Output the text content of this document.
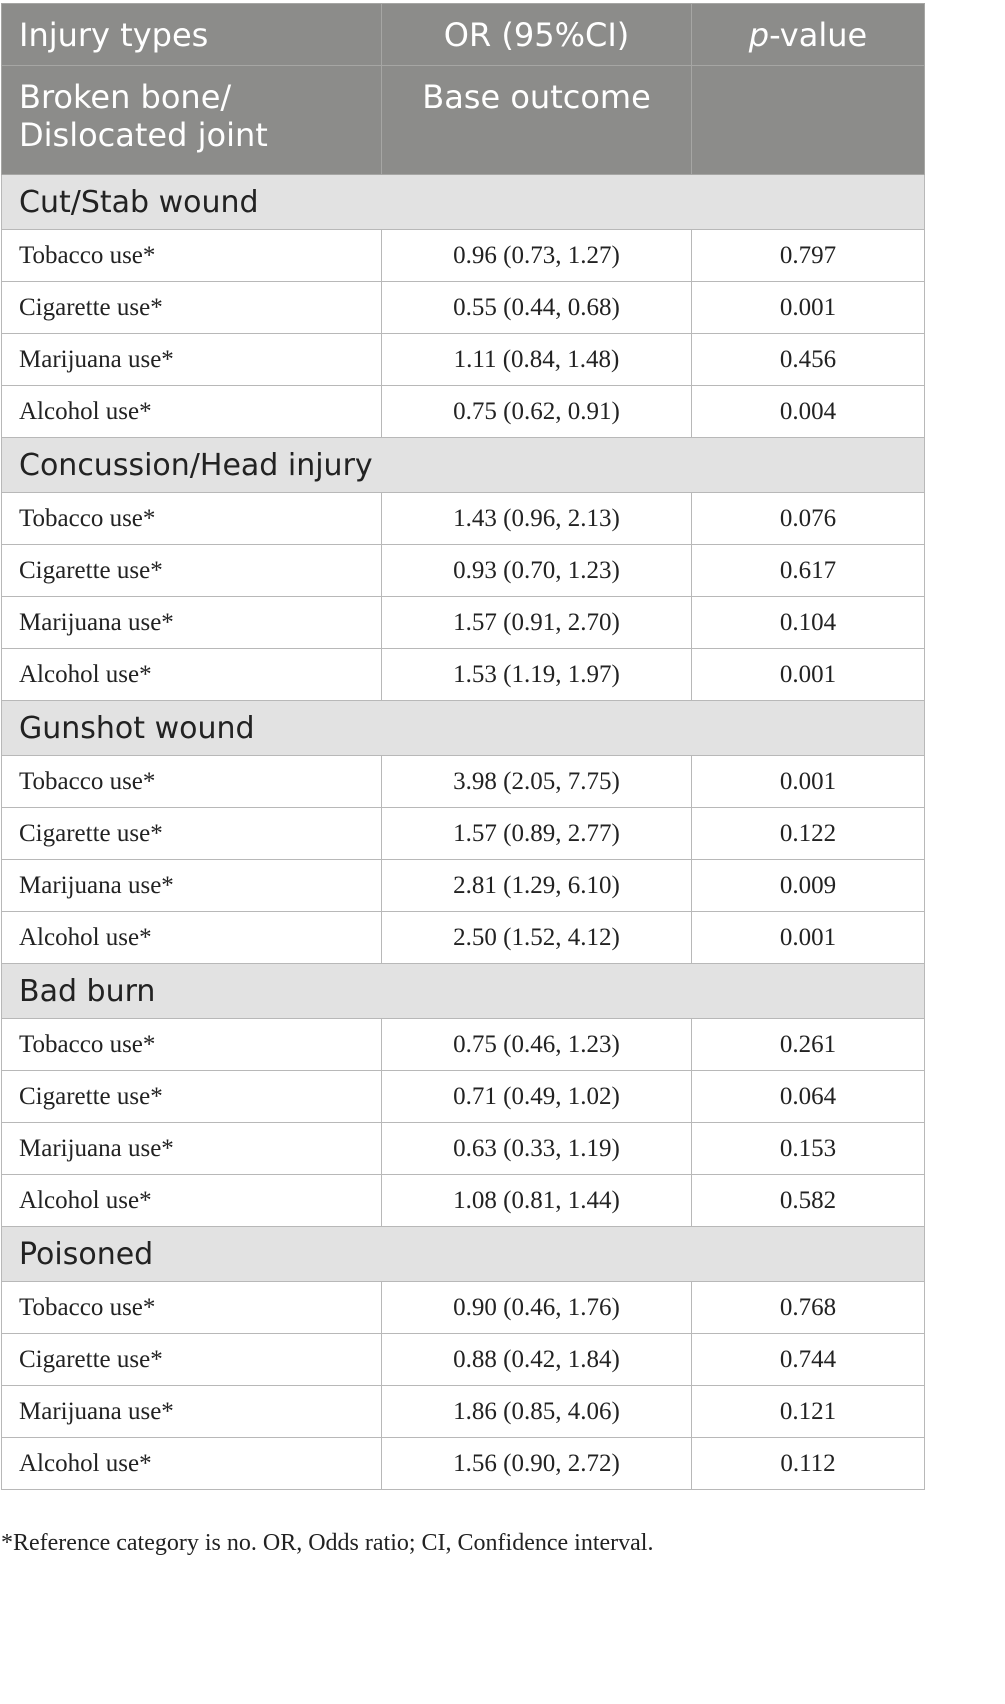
Injury types	OR (95%CI)	p-value
Broken bone/
Dislocated joint	Base outcome	
Cut/Stab wound		
Tobacco use*	0.96 (0.73, 1.27)	0.797
Cigarette use*	0.55 (0.44, 0.68)	0.001
Marijuana use*	1.11 (0.84, 1.48)	0.456
Alcohol use*	0.75 (0.62, 0.91)	0.004
Concussion/Head injury		
Tobacco use*	1.43 (0.96, 2.13)	0.076
Cigarette use*	0.93 (0.70, 1.23)	0.617
Marijuana use*	1.57 (0.91, 2.70)	0.104
Alcohol use*	1.53 (1.19, 1.97)	0.001
Gunshot wound		
Tobacco use*	3.98 (2.05, 7.75)	0.001
Cigarette use*	1.57 (0.89, 2.77)	0.122
Marijuana use*	2.81 (1.29, 6.10)	0.009
Alcohol use*	2.50 (1.52, 4.12)	0.001
Bad burn		
Tobacco use*	0.75 (0.46, 1.23)	0.261
Cigarette use*	0.71 (0.49, 1.02)	0.064
Marijuana use*	0.63 (0.33, 1.19)	0.153
Alcohol use*	1.08 (0.81, 1.44)	0.582
Poisoned		
Tobacco use*	0.90 (0.46, 1.76)	0.768
Cigarette use*	0.88 (0.42, 1.84)	0.744
Marijuana use*	1.86 (0.85, 4.06)	0.121
Alcohol use*	1.56 (0.90, 2.72)	0.112
*Reference category is no. OR, Odds ratio; CI, Confidence interval.
